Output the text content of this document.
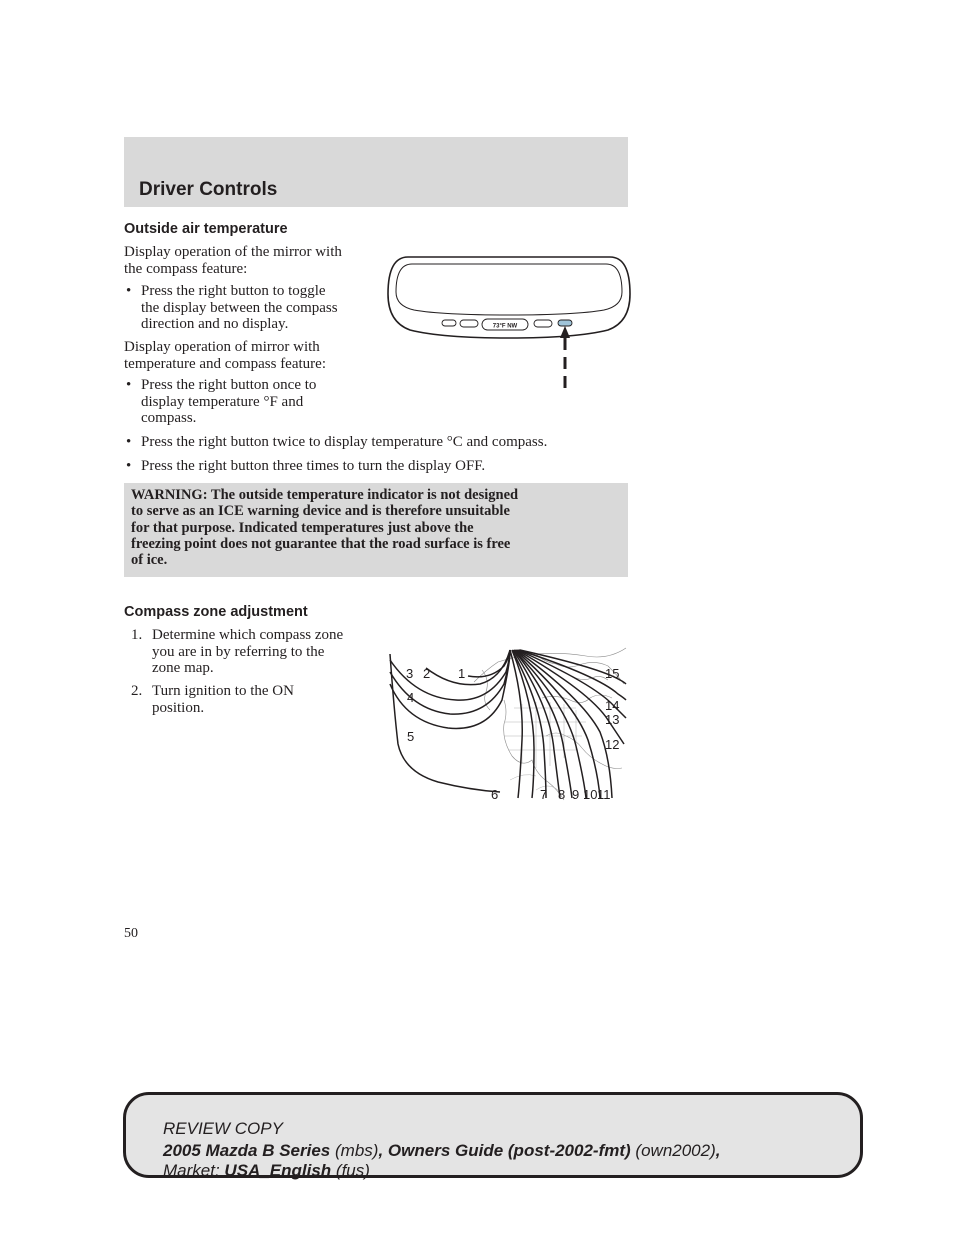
Driver Controls
Outside air temperature

Display operation of the mirror with
the compass feature:

• Press the right button to toggle
the display between the compass
direction and no display.

Display operation of mirror with
temperature and compass feature:

• Press the right button once to
display temperature °F and
compass.

• Press the right button twice to display temperature °C and compass.

• Press the right button three times to turn the display OFF.

73°F NW

WARNING: The outside temperature indicator is not designed
to serve as an ICE warning device and is therefore unsuitable
for that purpose. Indicated temperatures just above the
freezing point does not guarantee that the road surface is free
of ice.

Compass zone adjustment

1. Determine which compass zone
you are in by referring to the
zone map.

2. Turn ignition to the ON
position.

3 2 1
4
5
6	7 8 9 10 11
12
13
14
15
50

REVIEW COPY

2005 Mazda B Series (mbs), Owners Guide (post-2002-fmt) (own2002),

Market: USA_English (fus)
